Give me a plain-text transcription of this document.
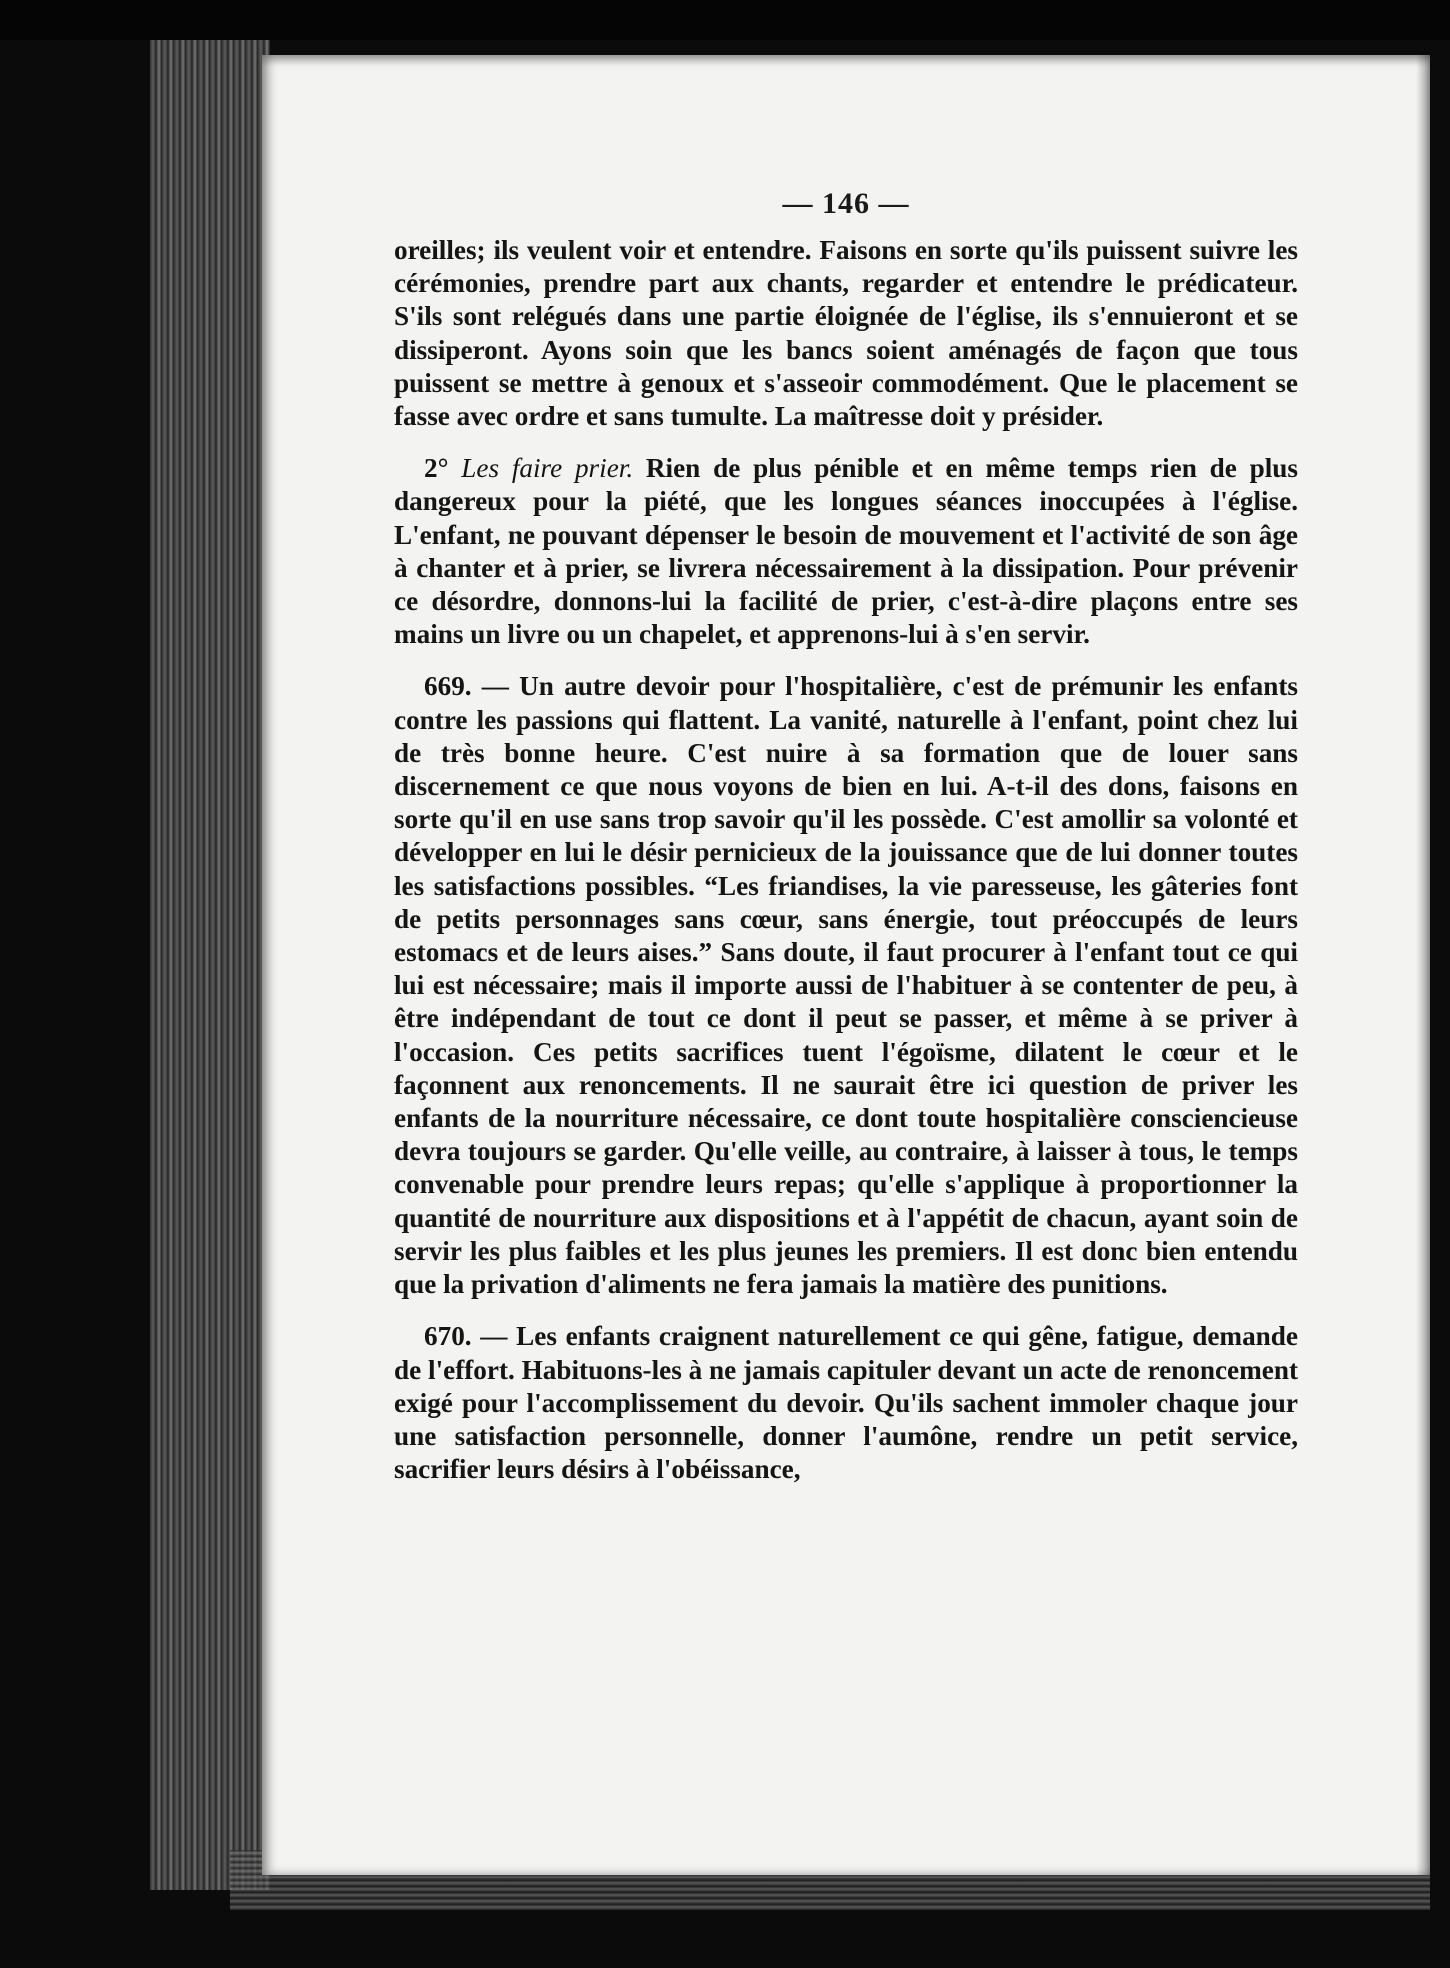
— 146 —

oreilles; ils veulent voir et entendre. Faisons en sorte qu'ils puissent suivre les cérémonies, prendre part aux chants, regarder et entendre le prédicateur. S'ils sont relégués dans une partie éloignée de l'église, ils s'ennuieront et se dissiperont. Ayons soin que les bancs soient aménagés de façon que tous puissent se mettre à genoux et s'asseoir commodément. Que le placement se fasse avec ordre et sans tumulte. La maîtresse doit y présider.

2° Les faire prier. Rien de plus pénible et en même temps rien de plus dangereux pour la piété, que les longues séances inoccupées à l'église. L'enfant, ne pouvant dépenser le besoin de mouvement et l'activité de son âge à chanter et à prier, se livrera nécessairement à la dissipation. Pour prévenir ce désordre, donnons-lui la facilité de prier, c'est-à-dire plaçons entre ses mains un livre ou un chapelet, et apprenons-lui à s'en servir.

669. — Un autre devoir pour l'hospitalière, c'est de prémunir les enfants contre les passions qui flattent. La vanité, naturelle à l'enfant, point chez lui de très bonne heure. C'est nuire à sa formation que de louer sans discernement ce que nous voyons de bien en lui. A-t-il des dons, faisons en sorte qu'il en use sans trop savoir qu'il les possède. C'est amollir sa volonté et développer en lui le désir pernicieux de la jouissance que de lui donner toutes les satisfactions possibles. “Les friandises, la vie paresseuse, les gâteries font de petits personnages sans cœur, sans énergie, tout préoccupés de leurs estomacs et de leurs aises.” Sans doute, il faut procurer à l'enfant tout ce qui lui est nécessaire; mais il importe aussi de l'habituer à se contenter de peu, à être indépendant de tout ce dont il peut se passer, et même à se priver à l'occasion. Ces petits sacrifices tuent l'égoïsme, dilatent le cœur et le façonnent aux renoncements. Il ne saurait être ici question de priver les enfants de la nourriture nécessaire, ce dont toute hospitalière consciencieuse devra toujours se garder. Qu'elle veille, au contraire, à laisser à tous, le temps convenable pour prendre leurs repas; qu'elle s'applique à proportionner la quantité de nourriture aux dispositions et à l'appétit de chacun, ayant soin de servir les plus faibles et les plus jeunes les premiers. Il est donc bien entendu que la privation d'aliments ne fera jamais la matière des punitions.

670. — Les enfants craignent naturellement ce qui gêne, fatigue, demande de l'effort. Habituons-les à ne jamais capituler devant un acte de renoncement exigé pour l'accomplissement du devoir. Qu'ils sachent immoler chaque jour une satisfaction personnelle, donner l'aumône, rendre un petit service, sacrifier leurs désirs à l'obéissance,
